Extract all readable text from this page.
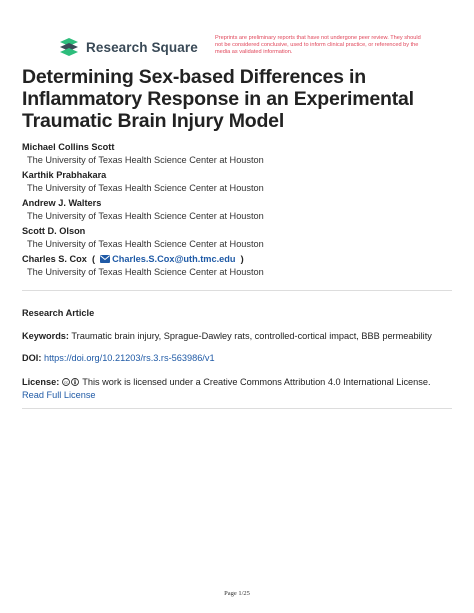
Research Square
Preprints are preliminary reports that have not undergone peer review. They should not be considered conclusive, used to inform clinical practice, or referenced by the media as validated information.
Determining Sex-based Differences in Inflammatory Response in an Experimental Traumatic Brain Injury Model
Michael Collins Scott
The University of Texas Health Science Center at Houston
Karthik Prabhakara
The University of Texas Health Science Center at Houston
Andrew J. Walters
The University of Texas Health Science Center at Houston
Scott D. Olson
The University of Texas Health Science Center at Houston
Charles S. Cox  (  Charles.S.Cox@uth.tmc.edu  )
The University of Texas Health Science Center at Houston
Research Article
Keywords: Traumatic brain injury, Sprague-Dawley rats, controlled-cortical impact, BBB permeability
DOI: https://doi.org/10.21203/rs.3.rs-563986/v1
License: cc This work is licensed under a Creative Commons Attribution 4.0 International License.
Read Full License
Page 1/25
